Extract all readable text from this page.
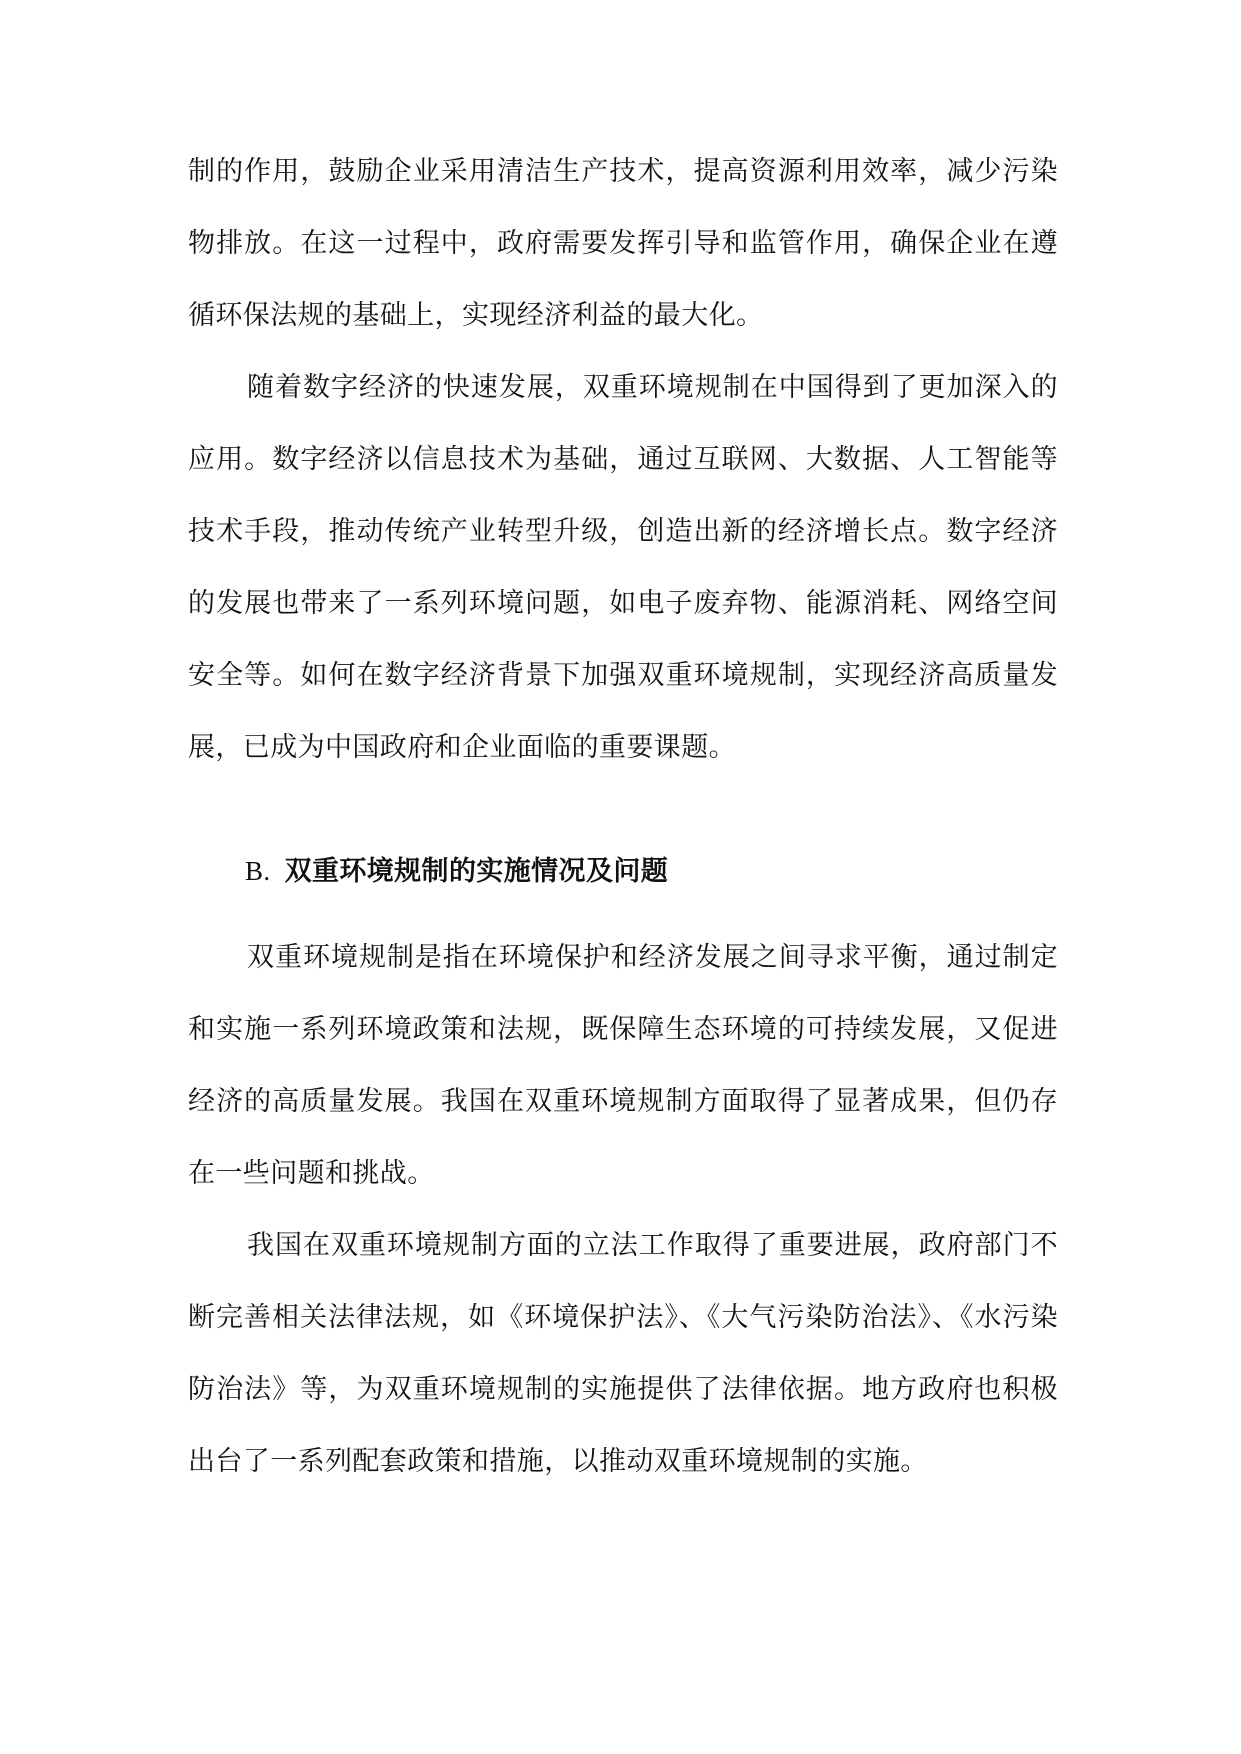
制的作用，鼓励企业采用清洁生产技术，提高资源利用效率，减少污染物排放。在这一过程中，政府需要发挥引导和监管作用，确保企业在遵循环保法规的基础上，实现经济利益的最大化。

随着数字经济的快速发展，双重环境规制在中国得到了更加深入的应用。数字经济以信息技术为基础，通过互联网、大数据、人工智能等技术手段，推动传统产业转型升级，创造出新的经济增长点。数字经济的发展也带来了一系列环境问题，如电子废弃物、能源消耗、网络空间安全等。如何在数字经济背景下加强双重环境规制，实现经济高质量发展，已成为中国政府和企业面临的重要课题。

B. 双重环境规制的实施情况及问题

双重环境规制是指在环境保护和经济发展之间寻求平衡，通过制定和实施一系列环境政策和法规，既保障生态环境的可持续发展，又促进经济的高质量发展。我国在双重环境规制方面取得了显著成果，但仍存在一些问题和挑战。

我国在双重环境规制方面的立法工作取得了重要进展，政府部门不断完善相关法律法规，如《环境保护法》、《大气污染防治法》、《水污染防治法》等，为双重环境规制的实施提供了法律依据。地方政府也积极出台了一系列配套政策和措施，以推动双重环境规制的实施。
